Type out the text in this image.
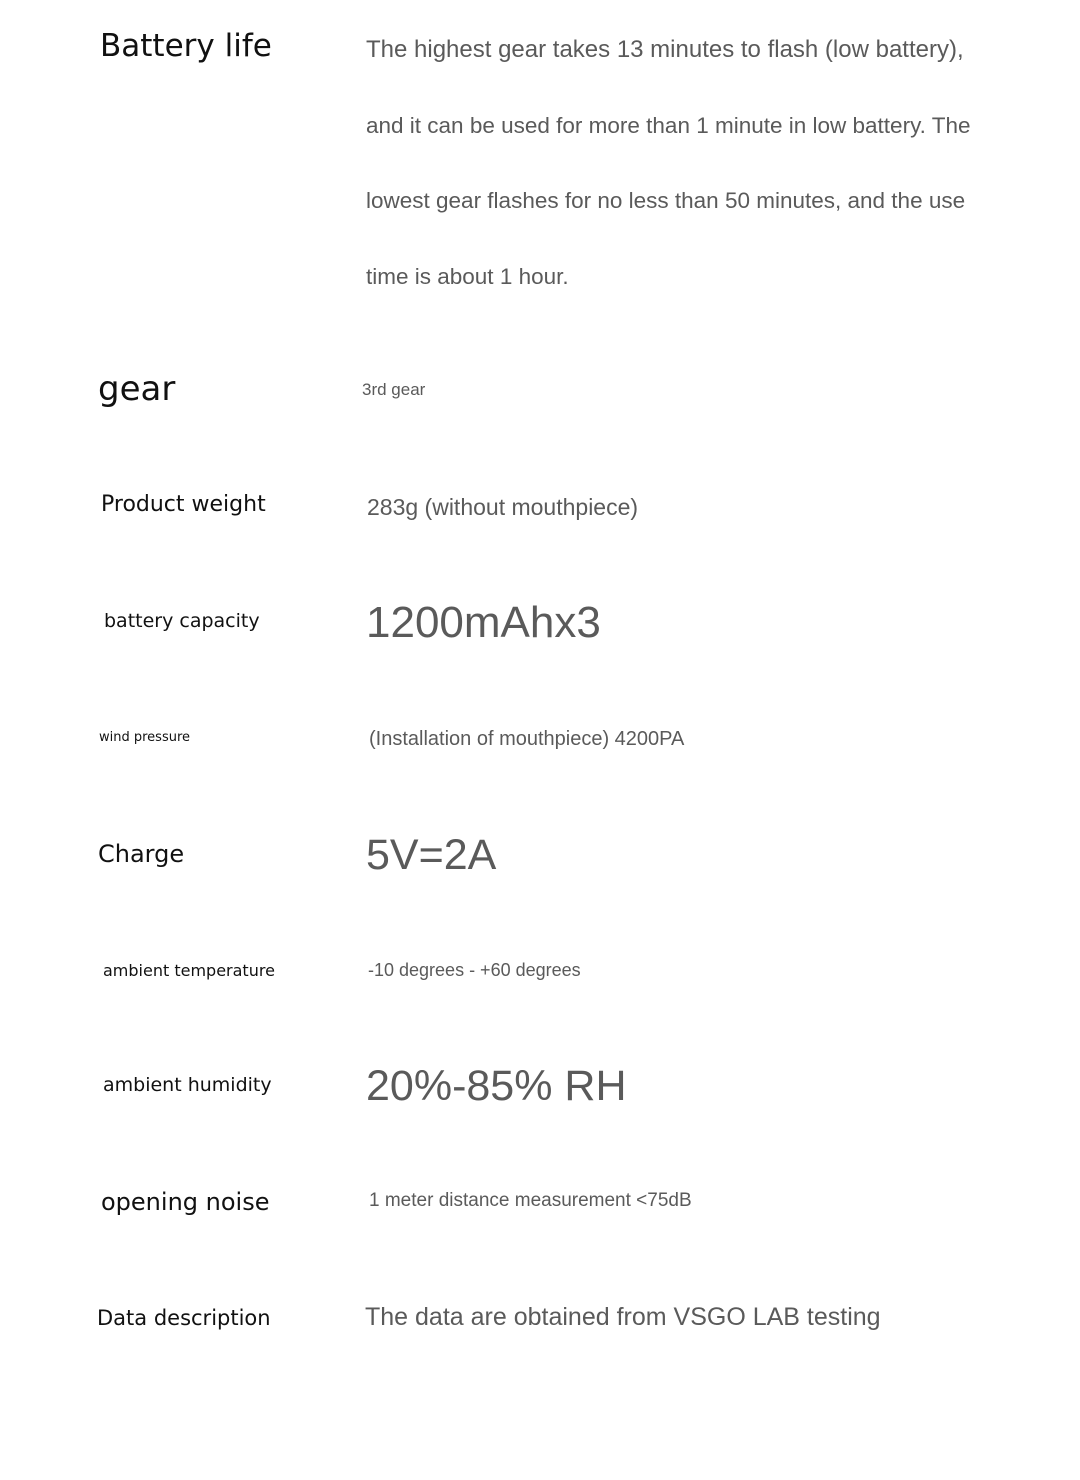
Battery life	The highest gear takes 13 minutes to flash (low battery),
and it can be used for more than 1 minute in low battery. The
lowest gear flashes for no less than 50 minutes, and the use
time is about 1 hour.
gear	3rd gear
Product weight	283g (without mouthpiece)
battery capacity 1200mAhx3
wind pressure	(Installation of mouthpiece) 4200PA
Charge	5V=2A
ambient temperature	-10 degrees - +60 degrees
ambient humidity 20%-85% RH
opening noise	1 meter distance measurement <75dB
Data description	The data are obtained from VSGO LAB testing
